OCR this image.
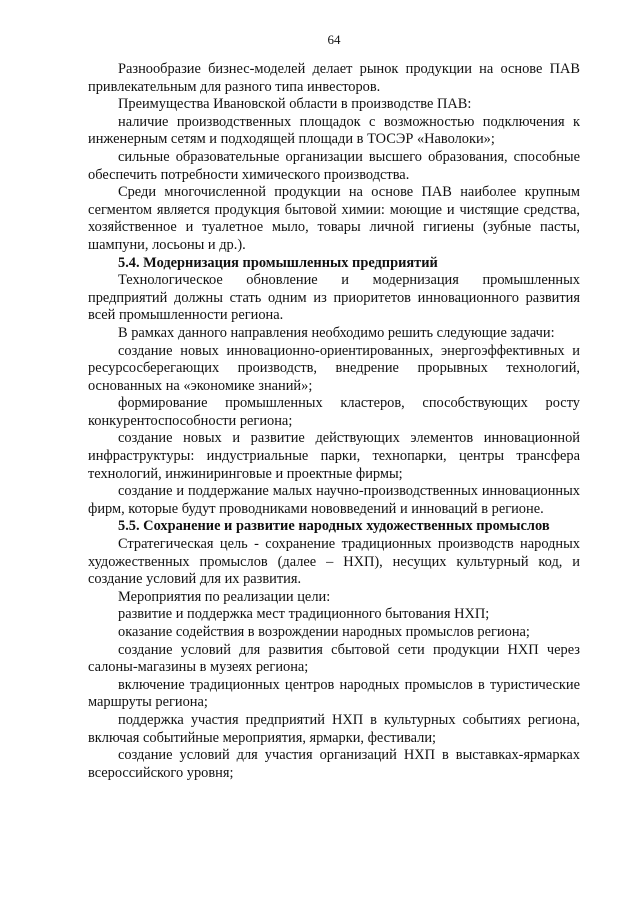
64

Разнообразие бизнес-моделей делает рынок продукции на основе ПАВ привлекательным для разного типа инвесторов.

Преимущества Ивановской области в производстве ПАВ:

наличие производственных площадок с возможностью подключения к инженерным сетям и подходящей площади в ТОСЭР «Наволоки»;

сильные образовательные организации высшего образования, способные обеспечить потребности химического производства.

Среди многочисленной продукции на основе ПАВ наиболее крупным сегментом является продукция бытовой химии: моющие и чистящие средства, хозяйственное и туалетное мыло, товары личной гигиены (зубные пасты, шампуни, лосьоны и др.).

5.4. Модернизация промышленных предприятий

Технологическое обновление и модернизация промышленных предприятий должны стать одним из приоритетов инновационного развития всей промышленности региона.

В рамках данного направления необходимо решить следующие задачи:

создание новых инновационно-ориентированных, энергоэффективных и ресурсосберегающих производств, внедрение прорывных технологий, основанных на «экономике знаний»;

формирование промышленных кластеров, способствующих росту конкурентоспособности региона;

создание новых и развитие действующих элементов инновационной инфраструктуры: индустриальные парки, технопарки, центры трансфера технологий, инжиниринговые и проектные фирмы;

создание и поддержание малых научно-производственных инновационных фирм, которые будут проводниками нововведений и инноваций в регионе.

5.5. Сохранение и развитие народных художественных промыслов

Стратегическая цель - сохранение традиционных производств народных художественных промыслов (далее – НХП), несущих культурный код, и создание условий для их развития.

Мероприятия по реализации цели:

развитие и поддержка мест традиционного бытования НХП;

оказание содействия в возрождении народных промыслов региона;

создание условий для развития сбытовой сети продукции НХП через салоны-магазины в музеях региона;

включение традиционных центров народных промыслов в туристические маршруты региона;

поддержка участия предприятий НХП в культурных событиях региона, включая событийные мероприятия, ярмарки, фестивали;

создание условий для участия организаций НХП в выставках-ярмарках всероссийского уровня;
